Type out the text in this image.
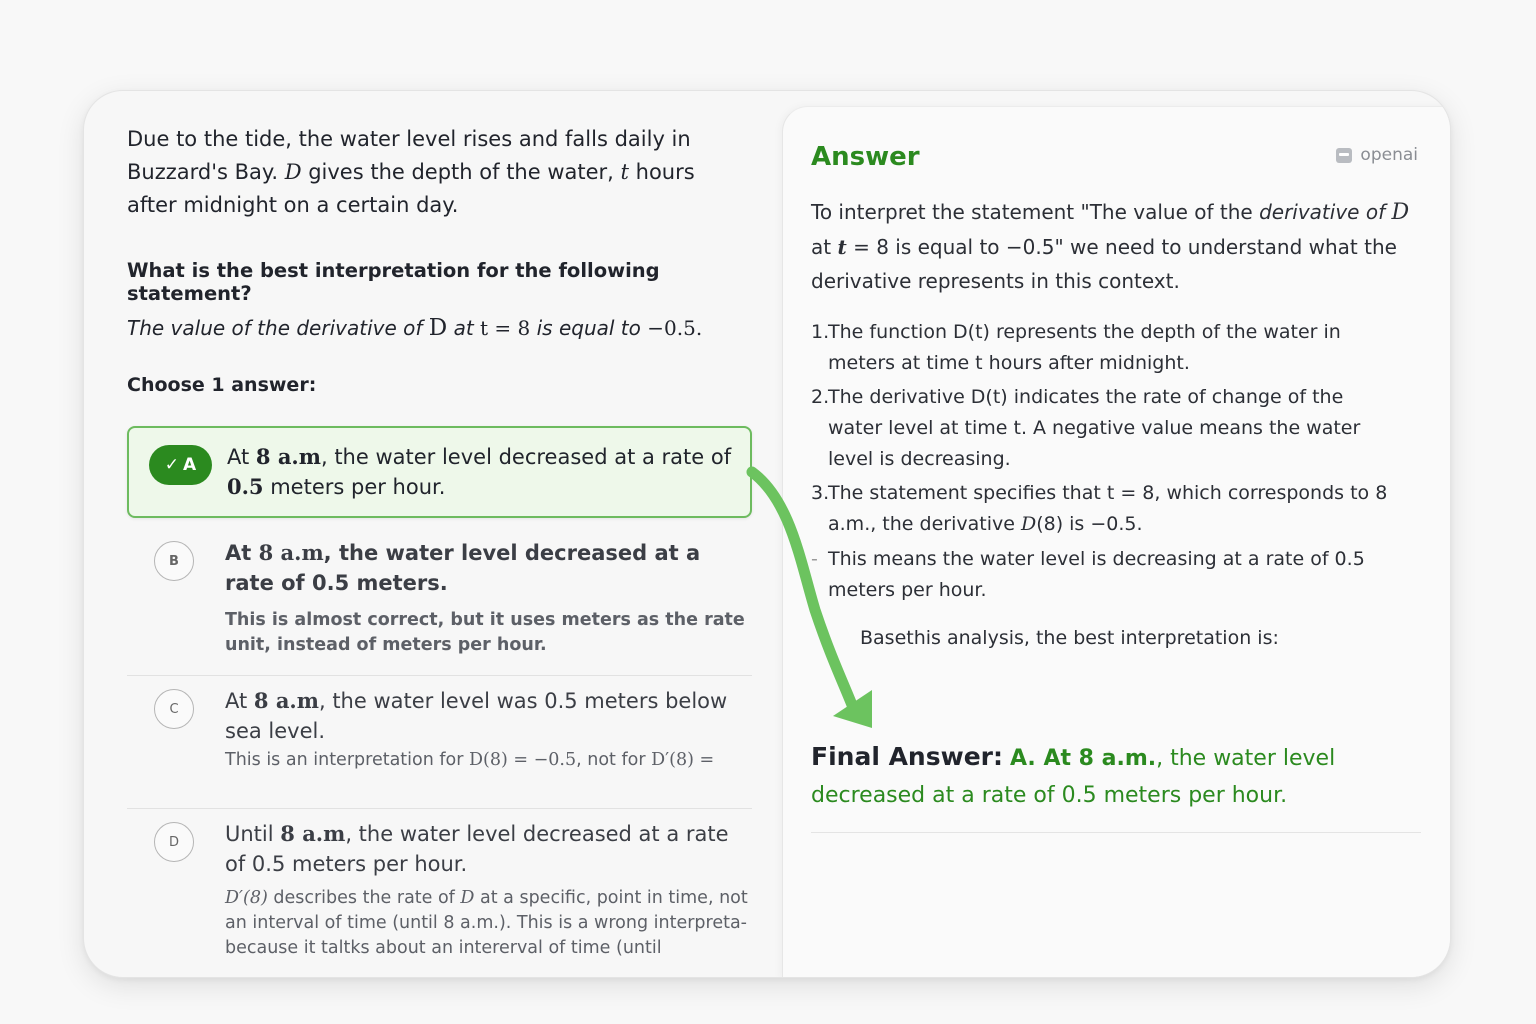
Due to the tide, the water level rises and falls daily in Buzzard's Bay. D gives the depth of the water, t hours after midnight on a certain day.
What is the best interpretation for the following statement?
The value of the derivative of D at t = 8 is equal to −0.5.
Choose 1 answer:
✓ A At 8 a.m, the water level decreased at a rate of 0.5 meters per hour.
B	At 8 a.m, the water level decreased at a rate of 0.5 meters.
This is almost correct, but it uses meters as the rate unit, instead of meters per hour.
C	At 8 a.m, the water level was 0.5 meters below sea level.
This is an interpretation for D(8) = −0.5, not for D′(8) =
D	Until 8 a.m, the water level decreased at a rate of 0.5 meters per hour.
D′(8) describes the rate of D at a specific, point in time, not an interval of time (until 8 a.m.). This is a wrong interpreta- because it taltks about an intererval of time (until
Answer	openai
To interpret the statement "The value of the derivative of D at t = 8 is equal to −0.5" we need to understand what the derivative represents in this context.
1.
The function D(t) represents the depth of the water in meters at time t hours after midnight.
2.
The derivative D(t) indicates the rate of change of the water level at time t. A negative value means the water level is decreasing.
3.
The statement specifies that t = 8, which corresponds to 8 a.m., the derivative D(8) is −0.5.
- This means the water level is decreasing at a rate of 0.5 meters per hour.
Basethis analysis, the best interpretation is:
Final Answer: A. At 8 a.m., the water level decreased at a rate of 0.5 meters per hour.
